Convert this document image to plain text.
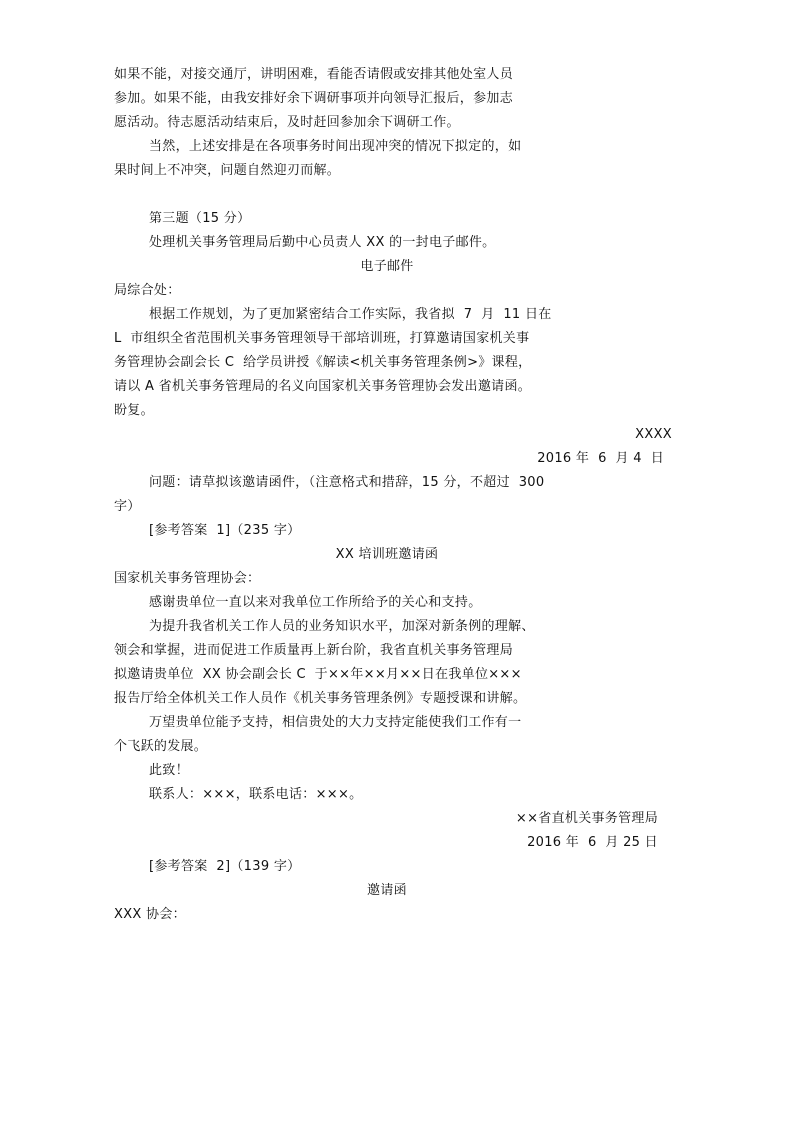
如果不能，对接交通厅，讲明困难，看能否请假或安排其他处室人员
参加。如果不能，由我安排好余下调研事项并向领导汇报后，参加志
愿活动。待志愿活动结束后，及时赶回参加余下调研工作。
当然，上述安排是在各项事务时间出现冲突的情况下拟定的，如
果时间上不冲突，问题自然迎刃而解。
第三题（15 分）
处理机关事务管理局后勤中心员责人 XX 的一封电子邮件。
电子邮件
局综合处：
根据工作规划，为了更加紧密结合工作实际，我省拟  7  月  11 日在
L  市组织全省范围机关事务管理领导干部培训班，打算邀请国家机关事
务管理协会副会长 C  给学员讲授《解读<机关事务管理条例>》课程，
请以 A 省机关事务管理局的名义向国家机关事务管理协会发出邀请函。
盼复。
XXXX
2016 年  6  月 4  日
问题：请草拟该邀请函件，（注意格式和措辞，15 分，不超过  300
字）
[参考答案  1]（235 字）
XX 培训班邀请函
国家机关事务管理协会：
感谢贵单位一直以来对我单位工作所给予的关心和支持。
为提升我省机关工作人员的业务知识水平，加深对新条例的理解、
领会和掌握，进而促进工作质量再上新台阶，我省直机关事务管理局
拟邀请贵单位  XX 协会副会长 C  于××年××月××日在我单位×××
报告厅给全体机关工作人员作《机关事务管理条例》专题授课和讲解。
万望贵单位能予支持，相信贵处的大力支持定能使我们工作有一
个飞跃的发展。
此致！
联系人：×××，联系电话：×××。
××省直机关事务管理局
2016 年  6  月 25 日
[参考答案  2]（139 字）
邀请函
XXX 协会：
